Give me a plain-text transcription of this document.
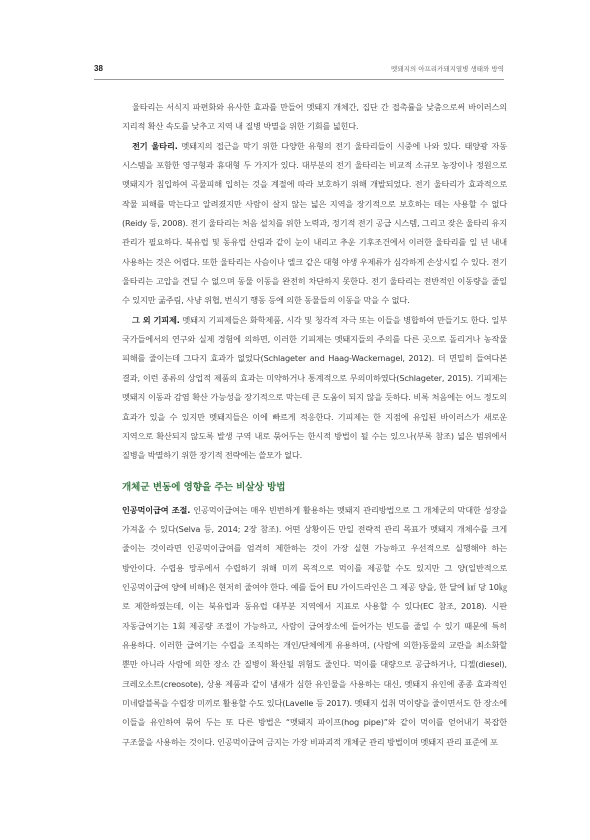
38	멧돼지의 아프리카돼지열병 생태와 방역

울타리는 서식지 파편화와 유사한 효과를 만들어 멧돼지 개체간, 집단 간 접촉률을 낮춤으로써 바이러스의 지리적 확산 속도를 낮추고 지역 내 질병 박멸을 위한 기회를 넓힌다.

전기 울타리. 멧돼지의 접근을 막기 위한 다양한 유형의 전기 울타리들이 시중에 나와 있다. 태양광 자동 시스템을 포함한 영구형과 휴대형 두 가지가 있다. 대부분의 전기 울타리는 비교적 소규모 농장이나 정원으로 멧돼지가 침입하여 곡물피해 입히는 것을 계절에 따라 보호하기 위해 개발되었다. 전기 울타리가 효과적으로 작물 피해를 막는다고 알려졌지만 사람이 살지 않는 넓은 지역을 장기적으로 보호하는 데는 사용할 수 없다(Reidy 등, 2008). 전기 울타리는 처음 설치를 위한 노력과, 정기적 전기 공급 시스템, 그리고 잦은 울타리 유지 관리가 필요하다. 북유럽 및 동유럽 산림과 같이 눈이 내리고 추운 기후조건에서 이러한 울타리를 일 년 내내 사용하는 것은 어렵다. 또한 울타리는 사슴이나 엘크 같은 대형 야생 우제류가 심각하게 손상시킬 수 있다. 전기 울타리는 고압을 견딜 수 없으며 동물 이동을 완전히 차단하지 못한다. 전기 울타리는 전반적인 이동량을 줄일 수 있지만 굶주림, 사냥 위협, 번식기 행동 등에 의한 동물들의 이동을 막을 수 없다.

그 외 기피제. 멧돼지 기피제들은 화학제품, 시각 및 청각적 자극 또는 이들을 병합하여 만들기도 한다. 일부 국가들에서의 연구와 실제 경험에 의하면, 이러한 기피제는 멧돼지들의 주의를 다른 곳으로 돌리거나 농작물 피해를 줄이는데 그다지 효과가 없었다(Schlageter and Haag-Wackernagel, 2012). 더 면밀히 들여다본 결과, 이런 종류의 상업적 제품의 효과는 미약하거나 통계적으로 무의미하였다(Schlageter, 2015). 기피제는 멧돼지 이동과 감염 확산 가능성을 장기적으로 막는데 큰 도움이 되지 않을 듯하다. 비록 처음에는 어느 정도의 효과가 있을 수 있지만 멧돼지들은 이에 빠르게 적응한다. 기피제는 한 지점에 유입된 바이러스가 새로운 지역으로 확산되지 않도록 발생 구역 내로 묶어두는 한시적 방법이 될 수는 있으나(부록 참조) 넓은 범위에서 질병을 박멸하기 위한 장기적 전략에는 쓸모가 없다.

개체군 변동에 영향을 주는 비살상 방법

인공먹이급여 조절. 인공먹이급여는 매우 빈번하게 활용하는 멧돼지 관리방법으로 그 개체군의 막대한 성장을 가져올 수 있다(Selva 등, 2014; 2장 참조). 어떤 상황이든 만일 전략적 관리 목표가 멧돼지 개체수를 크게 줄이는 것이라면 인공먹이급여를 엄격히 제한하는 것이 가장 실현 가능하고 우선적으로 실행해야 하는 방안이다. 수렵용 망루에서 수렵하기 위해 미끼 목적으로 먹이를 제공할 수도 있지만 그 양(일반적으로 인공먹이급여 양에 비해)은 현저히 줄여야 한다. 예를 들어 EU 가이드라인은 그 제공 양을, 한 달에 ㎢ 당 10㎏로 제한하였는데, 이는 북유럽과 동유럽 대부분 지역에서 지표로 사용할 수 있다(EC 참조, 2018). 시판 자동급여기는 1회 제공량 조절이 가능하고, 사람이 급여장소에 들어가는 빈도를 줄일 수 있기 때문에 특히 유용하다. 이러한 급여기는 수렵을 조직하는 개인/단체에게 유용하며, (사람에 의한)동물의 교란을 최소화할 뿐만 아니라 사람에 의한 장소 간 질병이 확산될 위험도 줄인다. 먹이를 대량으로 공급하거나, 디젤(diesel), 크레오소트(creosote), 상용 제품과 같이 냄새가 심한 유인물을 사용하는 대신, 멧돼지 유인에 종종 효과적인 미네랄블록을 수렵장 미끼로 활용할 수도 있다(Lavelle 등 2017). 멧돼지 섭취 먹이량을 줄이면서도 한 장소에 이들을 유인하여 묶어 두는 또 다른 방법은 “멧돼지 파이프(hog pipe)”와 같이 먹이를 얻어내기 복잡한 구조물을 사용하는 것이다. 인공먹이급여 금지는 가장 비파괴적 개체군 관리 방법이며 멧돼지 관리 표준에 포
